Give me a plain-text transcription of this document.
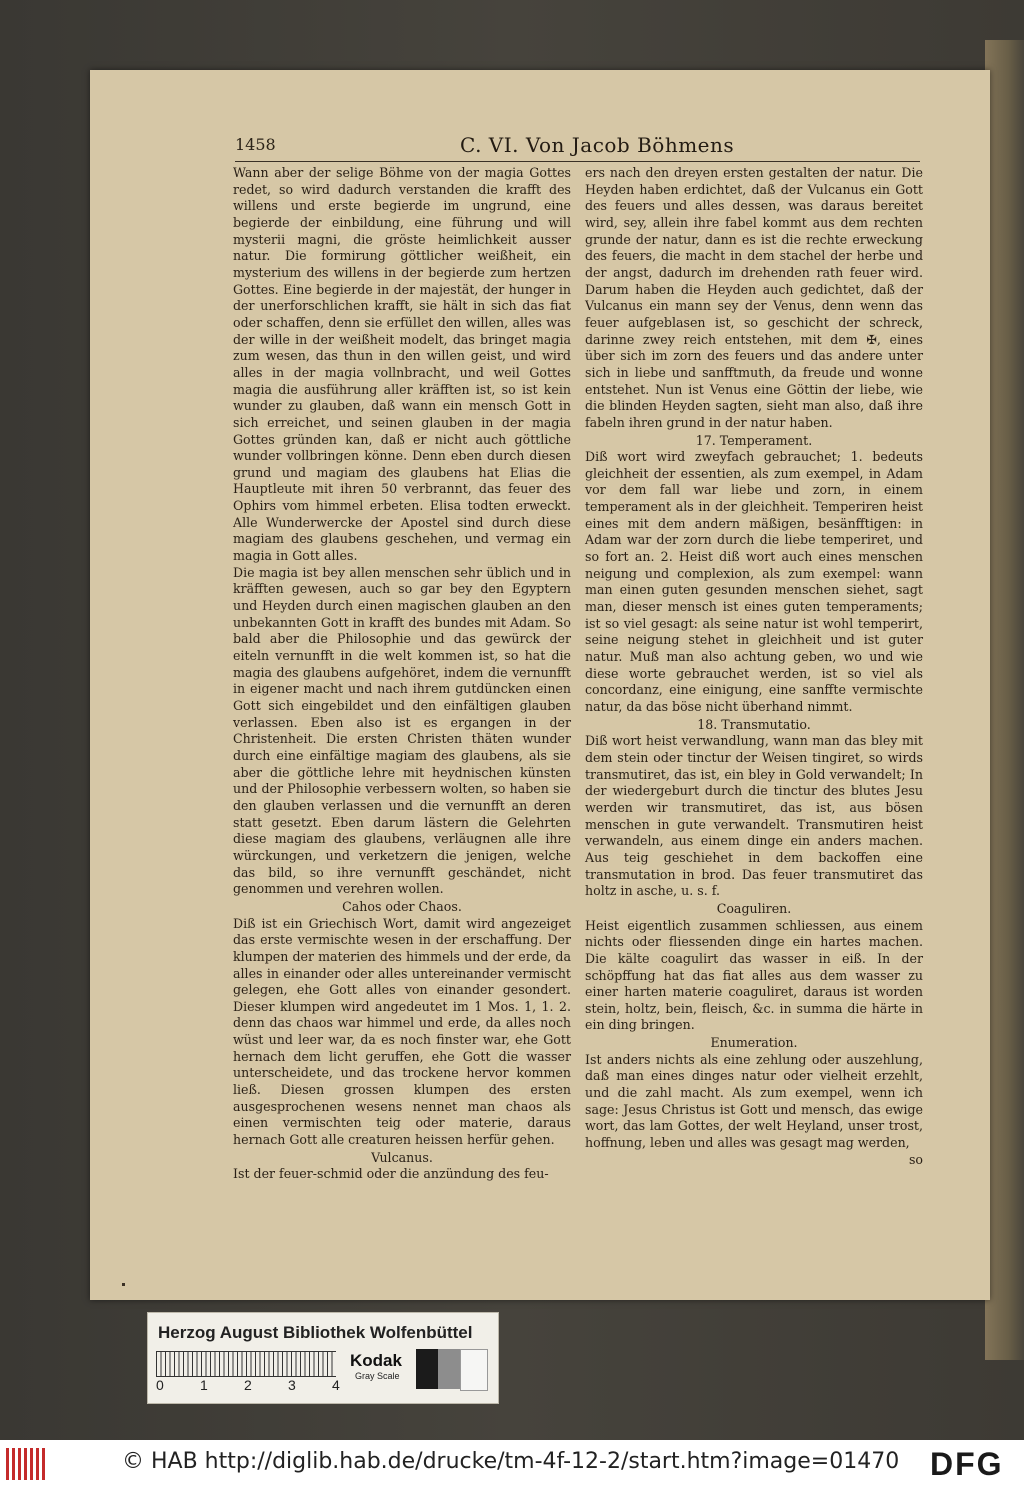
1458	C. VI. Von Jacob Böhmens

Wann aber der selige Böhme von der magia Gottes redet, so wird dadurch verstanden die krafft des willens und erste begierde im ungrund, eine begierde der einbildung, eine führung und will mysterii magni, die gröste heimlichkeit ausser natur. Die formirung göttlicher weißheit, ein mysterium des willens in der begierde zum hertzen Gottes. Eine begierde in der majestät, der hunger in der unerforschlichen krafft, sie hält in sich das fiat oder schaffen, denn sie erfüllet den willen, alles was der wille in der weißheit modelt, das bringet magia zum wesen, das thun in den willen geist, und wird alles in der magia vollnbracht, und weil Gottes magia die ausführung aller kräfften ist, so ist kein wunder zu glauben, daß wann ein mensch Gott in sich erreichet, und seinen glauben in der magia Gottes gründen kan, daß er nicht auch göttliche wunder vollbringen könne. Denn eben durch diesen grund und magiam des glaubens hat Elias die Hauptleute mit ihren 50 verbrannt, das feuer des Ophirs vom himmel erbeten. Elisa todten erweckt. Alle Wunderwercke der Apostel sind durch diese magiam des glaubens geschehen, und vermag ein magia in Gott alles.

Die magia ist bey allen menschen sehr üblich und in kräfften gewesen, auch so gar bey den Egyptern und Heyden durch einen magischen glauben an den unbekannten Gott in krafft des bundes mit Adam. So bald aber die Philosophie und das gewürck der eiteln vernunfft in die welt kommen ist, so hat die magia des glaubens aufgehöret, indem die vernunfft in eigener macht und nach ihrem gutdüncken einen Gott sich eingebildet und den einfältigen glauben verlassen. Eben also ist es ergangen in der Christenheit. Die ersten Christen thäten wunder durch eine einfältige magiam des glaubens, als sie aber die göttliche lehre mit heydnischen künsten und der Philosophie verbessern wolten, so haben sie den glauben verlassen und die vernunfft an deren statt gesetzt. Eben darum lästern die Gelehrten diese magiam des glaubens, verläugnen alle ihre würckungen, und verketzern die jenigen, welche das bild, so ihre vernunfft geschändet, nicht genommen und verehren wollen.

Cahos oder Chaos.

Diß ist ein Griechisch Wort, damit wird angezeiget das erste vermischte wesen in der erschaffung. Der klumpen der materien des himmels und der erde, da alles in einander oder alles untereinander vermischt gelegen, ehe Gott alles von einander gesondert. Dieser klumpen wird angedeutet im 1 Mos. 1, 1. 2. denn das chaos war himmel und erde, da alles noch wüst und leer war, da es noch finster war, ehe Gott hernach dem licht geruffen, ehe Gott die wasser unterscheidete, und das trockene hervor kommen ließ. Diesen grossen klumpen des ersten ausgesprochenen wesens nennet man chaos als einen vermischten teig oder materie, daraus hernach Gott alle creaturen heissen herfür gehen.

Vulcanus.

Ist der feuer-schmid oder die anzündung des feu-

ers nach den dreyen ersten gestalten der natur. Die Heyden haben erdichtet, daß der Vulcanus ein Gott des feuers und alles dessen, was daraus bereitet wird, sey, allein ihre fabel kommt aus dem rechten grunde der natur, dann es ist die rechte erweckung des feuers, die macht in dem stachel der herbe und der angst, dadurch im drehenden rath feuer wird. Darum haben die Heyden auch gedichtet, daß der Vulcanus ein mann sey der Venus, denn wenn das feuer aufgeblasen ist, so geschicht der schreck, darinne zwey reich entstehen, mit dem ✠, eines über sich im zorn des feuers und das andere unter sich in liebe und sanfftmuth, da freude und wonne entstehet. Nun ist Venus eine Göttin der liebe, wie die blinden Heyden sagten, sieht man also, daß ihre fabeln ihren grund in der natur haben.

17. Temperament.

Diß wort wird zweyfach gebrauchet; 1. bedeuts gleichheit der essentien, als zum exempel, in Adam vor dem fall war liebe und zorn, in einem temperament als in der gleichheit. Temperiren heist eines mit dem andern mäßigen, besänfftigen: in Adam war der zorn durch die liebe temperiret, und so fort an. 2. Heist diß wort auch eines menschen neigung und complexion, als zum exempel: wann man einen guten gesunden menschen siehet, sagt man, dieser mensch ist eines guten temperaments; ist so viel gesagt: als seine natur ist wohl temperirt, seine neigung stehet in gleichheit und ist guter natur. Muß man also achtung geben, wo und wie diese worte gebrauchet werden, ist so viel als concordanz, eine einigung, eine sanffte vermischte natur, da das böse nicht überhand nimmt.

18. Transmutatio.

Diß wort heist verwandlung, wann man das bley mit dem stein oder tinctur der Weisen tingiret, so wirds transmutiret, das ist, ein bley in Gold verwandelt; In der wiedergeburt durch die tinctur des blutes Jesu werden wir transmutiret, das ist, aus bösen menschen in gute verwandelt. Transmutiren heist verwandeln, aus einem dinge ein anders machen. Aus teig geschiehet in dem backoffen eine transmutation in brod. Das feuer transmutiret das holtz in asche, u. s. f.

Coaguliren.

Heist eigentlich zusammen schliessen, aus einem nichts oder fliessenden dinge ein hartes machen. Die kälte coagulirt das wasser in eiß. In der schöpffung hat das fiat alles aus dem wasser zu einer harten materie coaguliret, daraus ist worden stein, holtz, bein, fleisch, &c. in summa die härte in ein ding bringen.

Enumeration.

Ist anders nichts als eine zehlung oder auszehlung, daß man eines dinges natur oder vielheit erzehlt, und die zahl macht. Als zum exempel, wenn ich sage: Jesus Christus ist Gott und mensch, das ewige wort, das lam Gottes, der welt Heyland, unser trost, hoffnung, leben und alles was gesagt mag werden,

so

Herzog August Bibliothek Wolfenbüttel
0	1	2	3	4
Kodak
Gray Scale
© HAB http://diglib.hab.de/drucke/tm-4f-12-2/start.htm?image=01470 DFG
